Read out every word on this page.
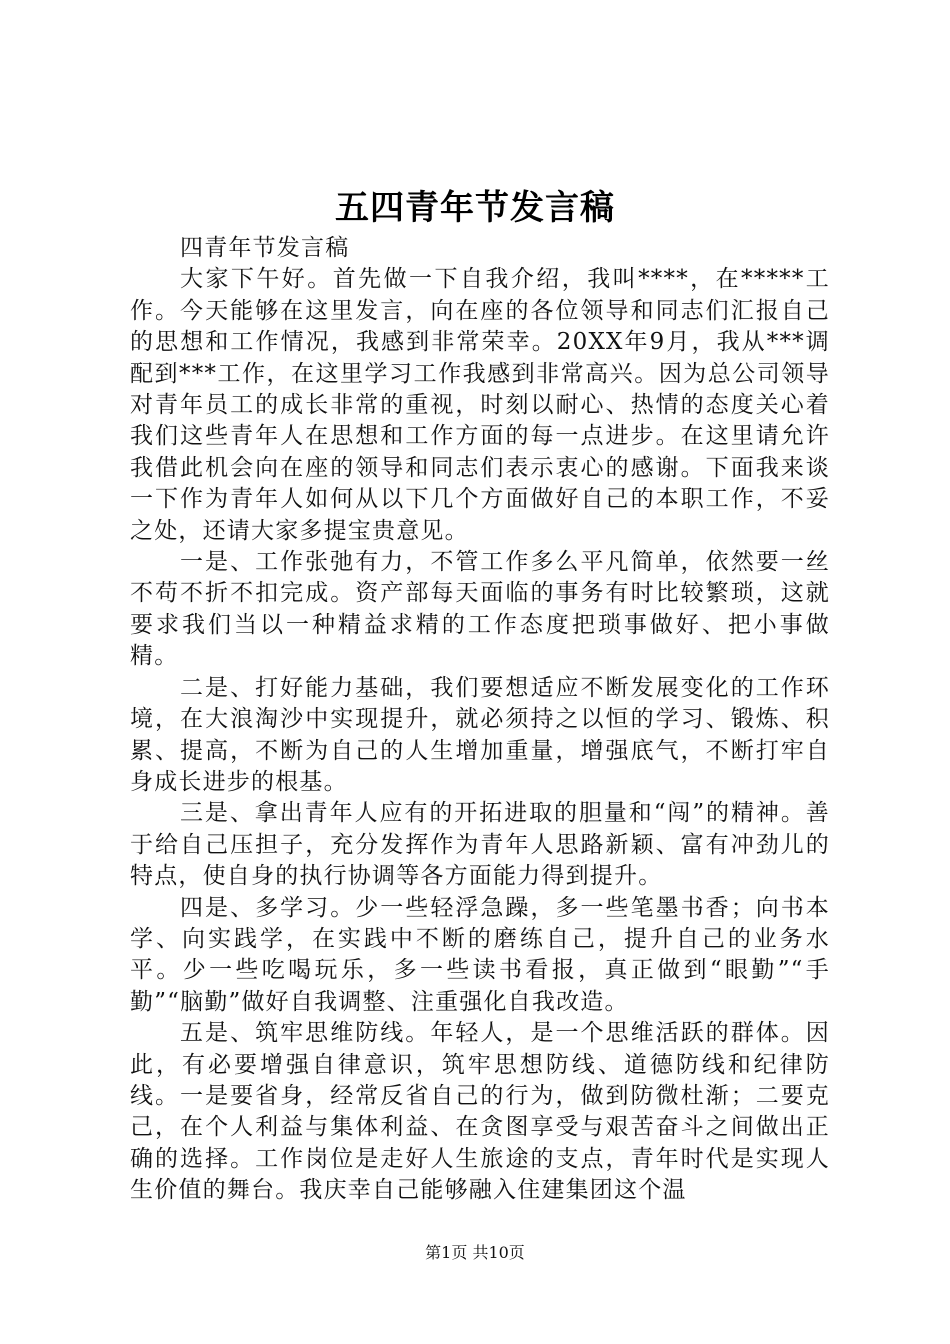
五四青年节发言稿

四青年节发言稿

大家下午好。首先做一下自我介绍，我叫****，在*****工作。今天能够在这里发言，向在座的各位领导和同志们汇报自己的思想和工作情况，我感到非常荣幸。20XX年9月，我从***调配到***工作，在这里学习工作我感到非常高兴。因为总公司领导对青年员工的成长非常的重视，时刻以耐心、热情的态度关心着我们这些青年人在思想和工作方面的每一点进步。在这里请允许我借此机会向在座的领导和同志们表示衷心的感谢。下面我来谈一下作为青年人如何从以下几个方面做好自己的本职工作，不妥之处，还请大家多提宝贵意见。

一是、工作张弛有力，不管工作多么平凡简单，依然要一丝不苟不折不扣完成。资产部每天面临的事务有时比较繁琐，这就要求我们当以一种精益求精的工作态度把琐事做好、把小事做精。

二是、打好能力基础，我们要想适应不断发展变化的工作环境，在大浪淘沙中实现提升，就必须持之以恒的学习、锻炼、积累、提高，不断为自己的人生增加重量，增强底气，不断打牢自身成长进步的根基。

三是、拿出青年人应有的开拓进取的胆量和“闯”的精神。善于给自己压担子，充分发挥作为青年人思路新颖、富有冲劲儿的特点，使自身的执行协调等各方面能力得到提升。

四是、多学习。少一些轻浮急躁，多一些笔墨书香；向书本学、向实践学，在实践中不断的磨练自己，提升自己的业务水平。少一些吃喝玩乐，多一些读书看报，真正做到“眼勤”“手勤”“脑勤”做好自我调整、注重强化自我改造。

五是、筑牢思维防线。年轻人，是一个思维活跃的群体。因此，有必要增强自律意识，筑牢思想防线、道德防线和纪律防线。一是要省身，经常反省自己的行为，做到防微杜渐；二要克己，在个人利益与集体利益、在贪图享受与艰苦奋斗之间做出正确的选择。工作岗位是走好人生旅途的支点，青年时代是实现人生价值的舞台。我庆幸自己能够融入住建集团这个温

第1页 共10页
